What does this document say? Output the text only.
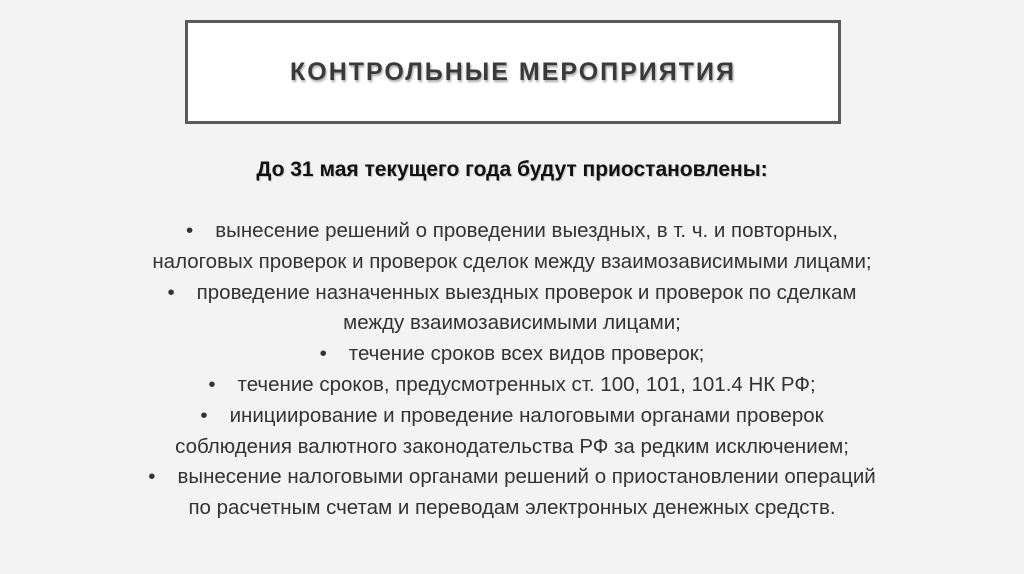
КОНТРОЛЬНЫЕ МЕРОПРИЯТИЯ
До 31 мая текущего года будут приостановлены:
• вынесение решений о проведении выездных, в т. ч. и повторных,
налоговых проверок и проверок сделок между взаимозависимыми лицами;
• проведение назначенных выездных проверок и проверок по сделкам
между взаимозависимыми лицами;
• течение сроков всех видов проверок;
• течение сроков, предусмотренных ст. 100, 101, 101.4 НК РФ;
• инициирование и проведение налоговыми органами проверок
соблюдения валютного законодательства РФ за редким исключением;
• вынесение налоговыми органами решений о приостановлении операций
по расчетным счетам и переводам электронных денежных средств.
